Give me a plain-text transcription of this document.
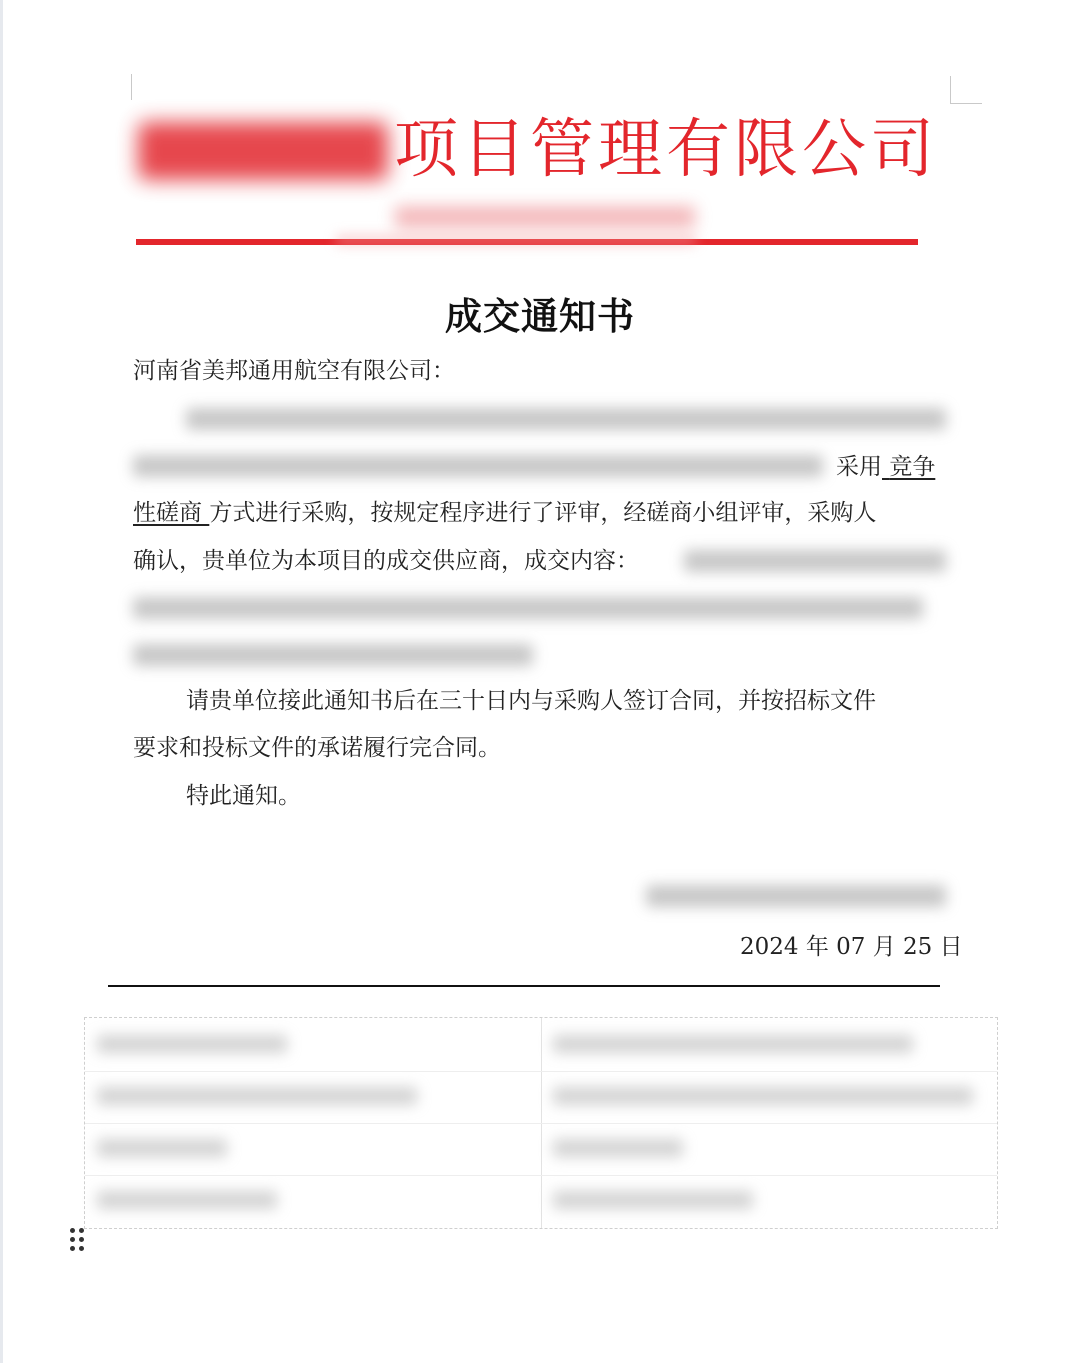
项目管理有限公司
成交通知书
河南省美邦通用航空有限公司：
采用 竞争
性磋商 方式进行采购，按规定程序进行了评审，经磋商小组评审，采购人
确认，贵单位为本项目的成交供应商，成交内容：
请贵单位接此通知书后在三十日内与采购人签订合同，并按招标文件
要求和投标文件的承诺履行完合同。
特此通知。
2024 年 07 月 25 日
